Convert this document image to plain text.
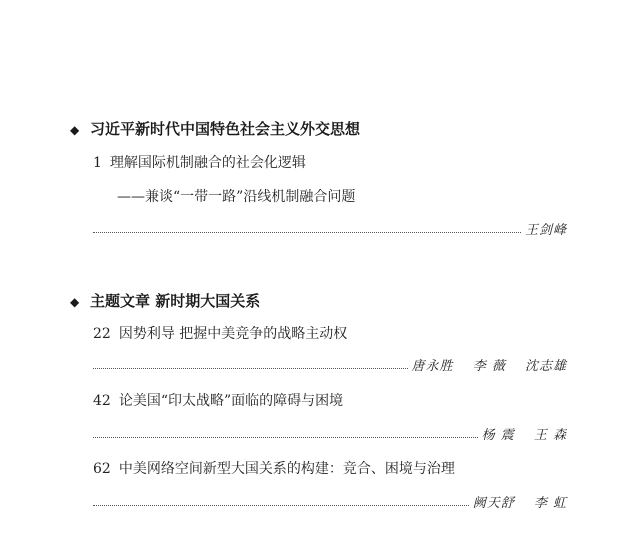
◆ 习近平新时代中国特色社会主义外交思想
1 理解国际机制融合的社会化逻辑
——兼谈“一带一路”沿线机制融合问题
王剑峰
◆ 主题文章 新时期大国关系
22 因势利导 把握中美竞争的战略主动权
唐永胜 李 薇 沈志雄
42 论美国“印太战略”面临的障碍与困境
杨 震 王 森
62 中美网络空间新型大国关系的构建：竞合、困境与治理
阙天舒 李 虹
